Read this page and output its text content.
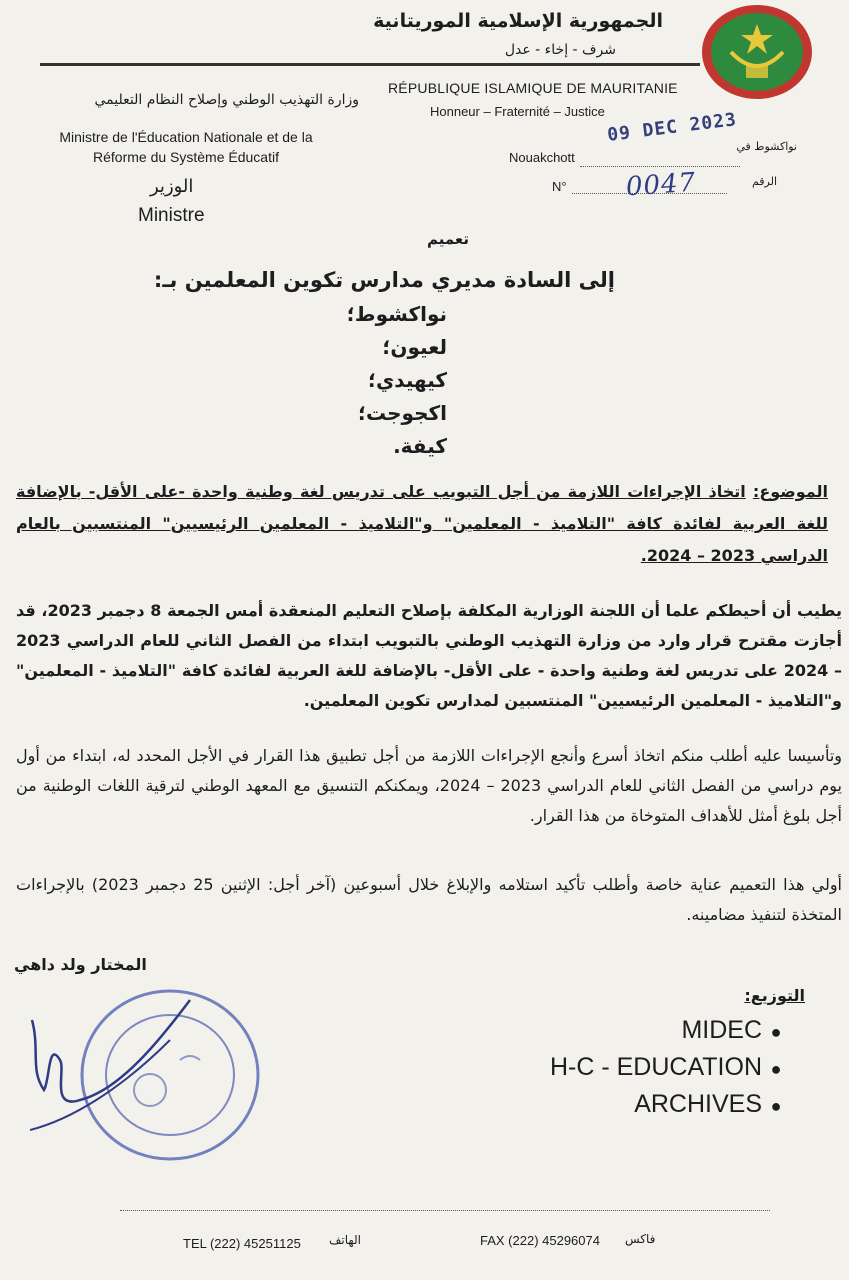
الجمهورية الإسلامية الموريتانية
شرف - إخاء - عدل
RÉPUBLIQUE ISLAMIQUE DE MAURITANIE
Honneur – Fraternité – Justice
وزارة التهذيب الوطني وإصلاح النظام التعليمي
Ministre de l'Éducation Nationale et de la Réforme du Système Éducatif
الوزير
Ministre
Nouakchott
09 DEC 2023
نواكشوط في
N° 0047	الرقم
تعميم
إلى السادة مديري مدارس تكوين المعلمين بـ:
نواكشوط؛
لعيون؛
كيهيدي؛
اكجوجت؛
كيفة.
الموضوع: اتخاذ الإجراءات اللازمة من أجل التبويب على تدريس لغة وطنية واحدة -على الأقل- بالإضافة للغة العربية لفائدة كافة "التلاميذ - المعلمين" و"التلاميذ - المعلمين الرئيسيين" المنتسبين بالعام الدراسي 2023 – 2024.
يطيب أن أحيطكم علما أن اللجنة الوزارية المكلفة بإصلاح التعليم المنعقدة أمس الجمعة 8 دجمبر 2023، قد أجازت مقترح قرار وارد من وزارة التهذيب الوطني بالتبويب ابتداء من الفصل الثاني للعام الدراسي 2023 – 2024 على تدريس لغة وطنية واحدة - على الأقل- بالإضافة للغة العربية لفائدة كافة "التلاميذ - المعلمين" و"التلاميذ - المعلمين الرئيسيين" المنتسبين لمدارس تكوين المعلمين.
وتأسيسا عليه أطلب منكم اتخاذ أسرع وأنجع الإجراءات اللازمة من أجل تطبيق هذا القرار في الأجل المحدد له، ابتداء من أول يوم دراسي من الفصل الثاني للعام الدراسي 2023 – 2024، ويمكنكم التنسيق مع المعهد الوطني لترقية اللغات الوطنية من أجل بلوغ أمثل للأهداف المتوخاة من هذا القرار.
أولي هذا التعميم عناية خاصة وأطلب تأكيد استلامه والإبلاغ خلال أسبوعين (آخر أجل: الإثنين 25 دجمبر 2023) بالإجراءات المتخذة لتنفيذ مضامينه.
المختار ولد داهي
التوزيع:
MIDEC ●
H-C - EDUCATION ●
ARCHIVES ●
TEL (222) 45251125 الهاتف	FAX (222) 45296074 فاكس
